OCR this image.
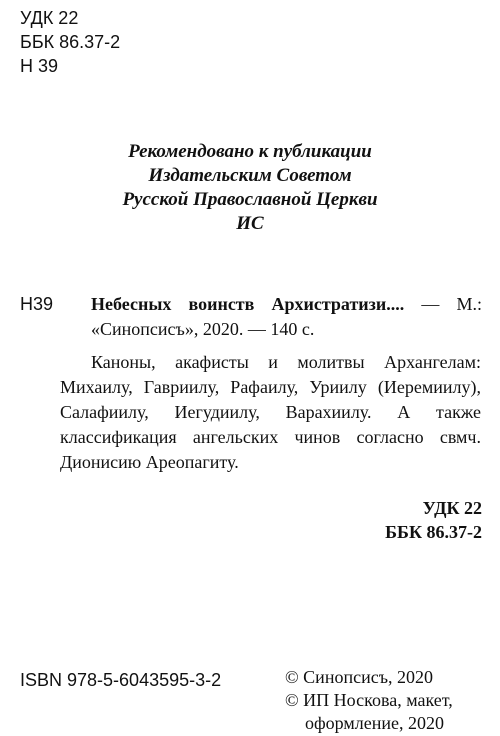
УДК 22
ББК 86.37-2
Н 39
Рекомендовано к публикации
Издательским Советом
Русской Православной Церкви
ИС
Н39 Небесных воинств Архистратизи.... — М.: «Синопсисъ», 2020. — 140 с.
Каноны, акафисты и молитвы Архангелам: Михаилу, Гавриилу, Рафаилу, Уриилу (Иеремиилу), Салафиилу, Иегудиилу, Варахиилу. А также классификация ангельских чинов согласно свмч. Дионисию Ареопагиту.
УДК 22
ББК 86.37-2
ISBN 978-5-6043595-3-2	© Синопсисъ, 2020
© ИП Носкова, макет,
оформление, 2020
